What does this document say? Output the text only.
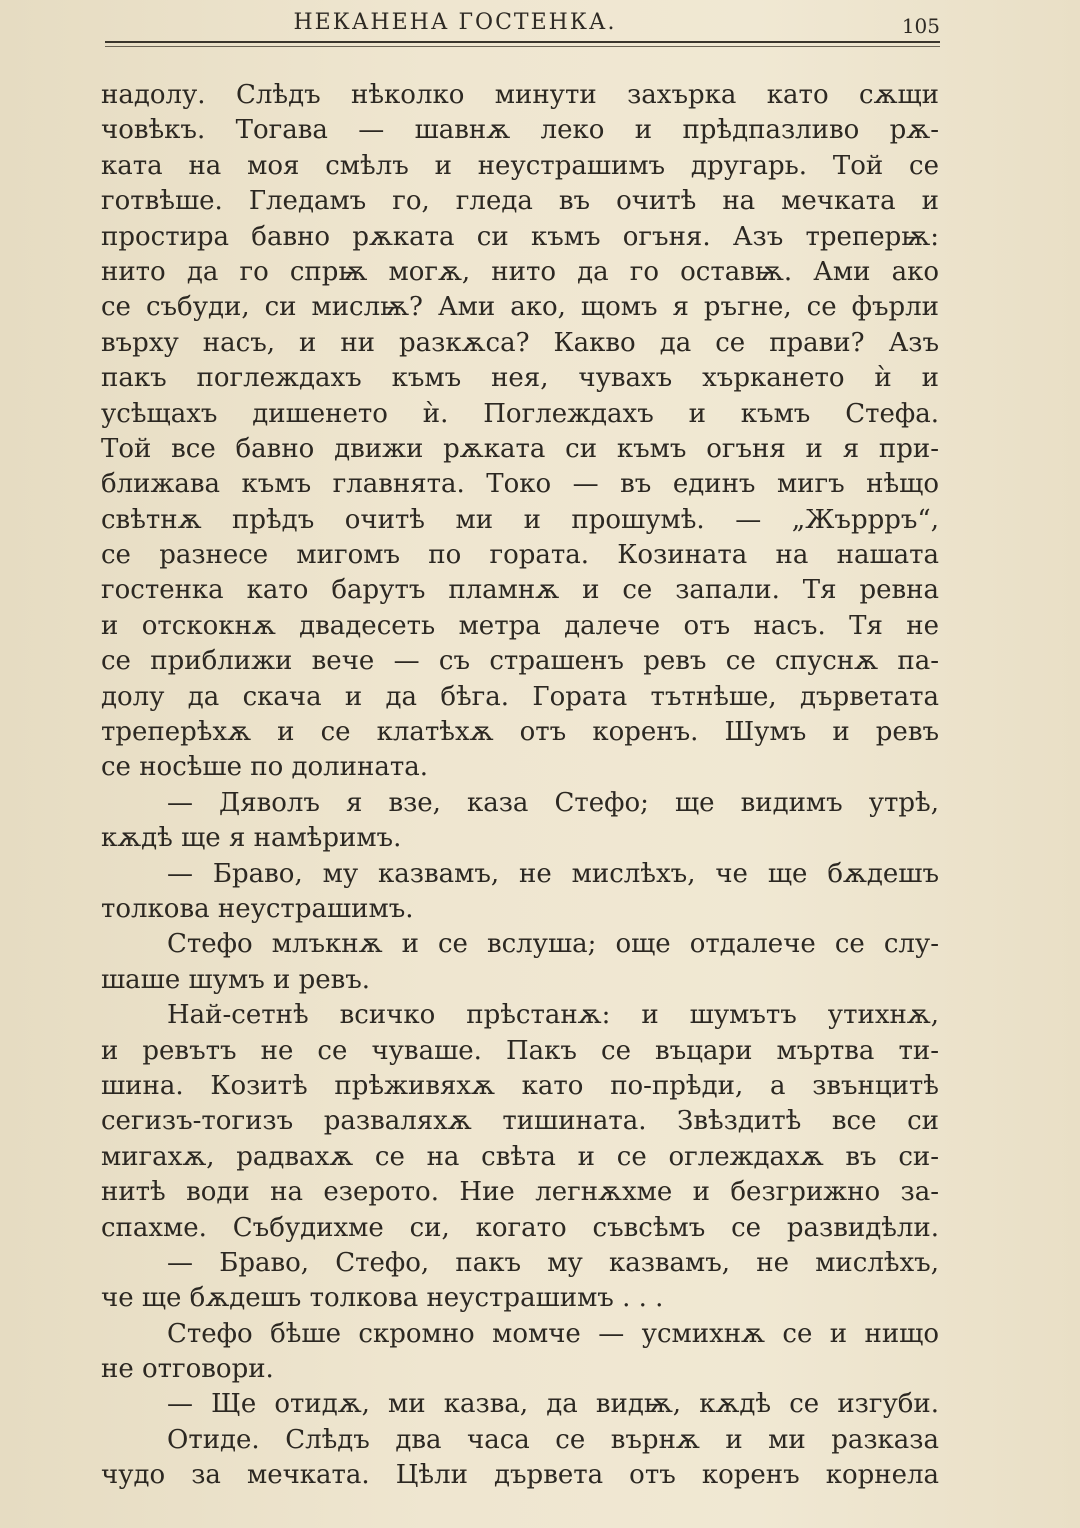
НЕКАНЕНА ГОСТЕНКА.	105
надолу. Слѣдъ нѣколко минути захърка като сѫщи
човѣкъ. Тогава — шавнѫ леко и прѣдпазливо рѫ-
ката на моя смѣлъ и неустрашимъ другарь. Той се
готвѣше. Гледамъ го, гледа въ очитѣ на мечката и
простира бавно рѫката си къмъ огъня. Азъ треперѭ:
нито да го спрѭ могѫ, нито да го оставѭ. Ами ако
се събуди, си мислѭ? Ами ако, щомъ я ръгне, се фърли
върху насъ, и ни разкѫса? Какво да се прави? Азъ
пакъ поглеждахъ къмъ нея, чувахъ хъркането ѝ и
усѣщахъ дишенето ѝ. Поглеждахъ и къмъ Стефа.
Той все бавно движи рѫката си къмъ огъня и я при-
ближава къмъ главнята. Токо — въ единъ мигъ нѣщо
свѣтнѫ прѣдъ очитѣ ми и прошумѣ. — „Жъррръ“,
се разнесе мигомъ по гората. Козината на нашата
гостенка като барутъ пламнѫ и се запали. Тя ревна
и отскокнѫ двадесеть метра далече отъ насъ. Тя не
се приближи вече — съ страшенъ ревъ се спуснѫ па-
долу да скача и да бѣга. Гората тътнѣше, дърветата
треперѣхѫ и се клатѣхѫ отъ коренъ. Шумъ и ревъ
се носѣше по долината.
— Дяволъ я взе, каза Стефо; ще видимъ утрѣ,
кѫдѣ ще я намѣримъ.
— Браво, му казвамъ, не мислѣхъ, че ще бѫдешъ
толкова неустрашимъ.
Стефо млъкнѫ и се вслуша; още отдалече се слу-
шаше шумъ и ревъ.
Най-сетнѣ всичко прѣстанѫ: и шумътъ утихнѫ,
и ревътъ не се чуваше. Пакъ се въцари мъртва ти-
шина. Козитѣ прѣживяхѫ като по-прѣди, а звънцитѣ
сегизъ-тогизъ разваляхѫ тишината. Звѣздитѣ все си
мигахѫ, радвахѫ се на свѣта и се оглеждахѫ въ си-
нитѣ води на езерото. Ние легнѫхме и безгрижно за-
спахме. Събудихме си, когато съвсѣмъ се развидѣли.
— Браво, Стефо, пакъ му казвамъ, не мислѣхъ,
че ще бѫдешъ толкова неустрашимъ . . .
Стефо бѣше скромно момче — усмихнѫ се и нищо
не отговори.
— Ще отидѫ, ми казва, да видѭ, кѫдѣ се изгуби.
Отиде. Слѣдъ два часа се върнѫ и ми разказа
чудо за мечката. Цѣли дървета отъ коренъ корнела
